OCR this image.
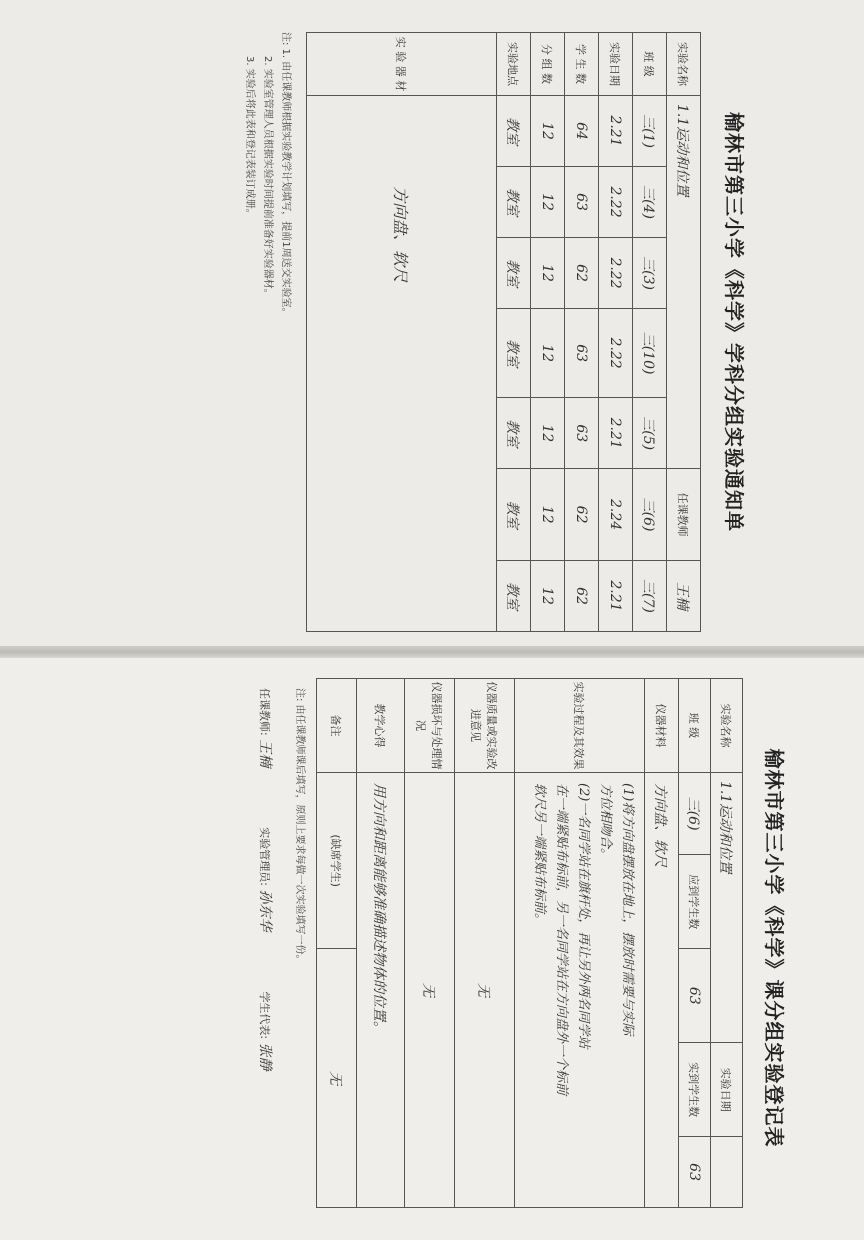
榆林市第三小学《科学》学科分组实验通知单
实验名称	1.1运动和位置					任课教师	王楠
班 级	三(1)	三(4)	三(3)	三(10)	三(5)	三(6)	三(7)
实验日期	2.21	2.22	2.22	2.22	2.21	2.24	2.21
学 生 数	64	63	62	63	63	62	62
分 组 数	12	12	12	12	12	12	12
实验地点	教室	教室	教室	教室	教室	教室	教室
实 验 器 材	方向盘、软尺						
注: 1. 由任课教师根据实验教学计划填写，提前1周送交实验室。
2. 实验室管理人员根据实验时间提前准备好实验器材。
3. 实验后将此表和登记表装订成册。
榆林市第三小学《科学》课分组实验登记表
实验名称	1.1运动和位置			实验日期	
班 级	三(6)	应到学生数	63	实到学生数	63
仪器材料	方向盘、软尺				
实验过程及其效果	(1)将方向盘摆放在地上，摆放时需要与实际
方位相吻合。
(2)一名同学站在旗杆处，再让另外两名同学站
在一端紧贴布标前，另一名同学站在方向盘外一个标前
软尺另一端紧贴布标前。				

仪器质量或实验改进意见	无				
仪器损坏与处理情况	无				
教学心得	用方向和距离能够准确描述物体的位置。				
备注	(缺席学生)		无		
注: 由任课教师课后填写，原则上要求每做一次实验填写一份。
任课教师: 王楠
实验管理员: 孙东华
学生代表: 张静
